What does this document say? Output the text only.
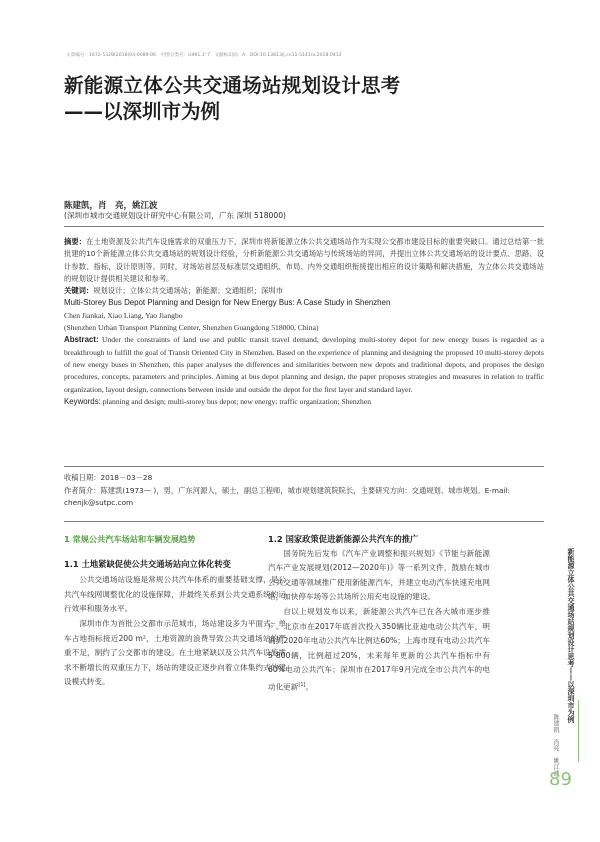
文章编号：1672-5328(2018)04-0089-06　中图分类号：U491.1⁺7　文献标识码：A　DOI:10.13813/j.cn11-5141/u.2018.0412
新能源立体公共交通场站规划设计思考
——以深圳市为例
陈建凯，肖　亮，姚江波
(深圳市城市交通规划设计研究中心有限公司，广东 深圳 518000)

摘要：在土地资源及公共汽车设施需求的双重压力下，深圳市将新能源立体公共交通场站作为实现公交都市建设目标的重要突破口。通过总结第一批批建的10个新能源立体公共交通场站的规划设计经验，分析新能源公共交通场站与传统场站的异同，并提出立体公共交通场站的设计要点、思路、设计参数、指标，设计原则等。同时，对场站首层及标准层交通组织、布局、内外交通组织衔接提出相应的设计策略和解决措施，为立体公共交通场站的规划设计提供相关建议和参考。

关键词：规划设计；立体公共交通场站；新能源；交通组织；深圳市

Multi-Storey Bus Depot Planning and Design for New Energy Bus: A Case Study in Shenzhen

Chen Jiankai, Xiao Liang, Yao Jiangbo

(Shenzhen Urban Transport Planning Center, Shenzhen Guangdong 518000, China)

Abstract: Under the constraints of land use and public transit travel demand, developing multi-storey depot for new energy buses is regarded as a breakthrough to fulfill the goal of Transit Oriented City in Shenzhen. Based on the experience of planning and designing the proposed 10 multi-storey depots of new energy buses in Shenzhen, this paper analyses the differences and similarities between new depots and traditional depots, and proposes the design procedures, concepts, parameters and principles. Aiming at bus depot planning and design, the paper proposes strategies and measures in relation to traffic organization, layout design, connections between inside and outside the depot for the first layer and standard layer.

Keywords: planning and design; multi-storey bus depot; new energy; traffic organization; Shenzhen

收稿日期：2018－03－28

作者简介：陈建凯(1973— )，男，广东河源人，硕士，副总工程师，城市规划建筑院院长，主要研究方向：交通规划、城市规划。E-mail: chenjk@sutpc.com

1 常规公共汽车场站和车辆发展趋势

1.1 土地紧缺促使公共交通场站向立体化转变

公共交通场站设施是常规公共汽车体系的重要基础支撑，是公共汽车线网调整优化的设施保障，并最终关系到公共交通系统的运行效率和服务水平。

深圳市作为首批公交都市示范城市，场站建设多为平面式，单车占地指标接近200 m²，土地资源的浪费导致公共交通场站的严重不足，制约了公交都市的建设。在土地紧缺以及公共汽车设施需求不断增长的双重压力下，场站的建设正逐步向着立体集约式的建设模式转变。

1.2 国家政策促进新能源公共汽车的推广

国务院先后发布《汽车产业调整和振兴规划》《节能与新能源汽车产业发展规划(2012—2020年)》等一系列文件，鼓励在城市公共交通等领域推广使用新能源汽车，并建立电动汽车快速充电网络，加快停车场等公共场所公用充电设施的建设。

自以上规划发布以来，新能源公共汽车已在各大城市逐步推广。北京市在2017年底首次投入350辆比亚迪电动公共汽车，明确到2020年电动公共汽车比例达60%；上海市现有电动公共汽车5 800辆，比例超过20%，未来每年更新的公共汽车指标中有60%电动公共汽车；深圳市在2017年9月完成全市公共汽车的电动化更新[1]。	新能源立体公共交通场站规划设计思考——以深圳市为例
陈建凯　肖亮　姚江波
89
